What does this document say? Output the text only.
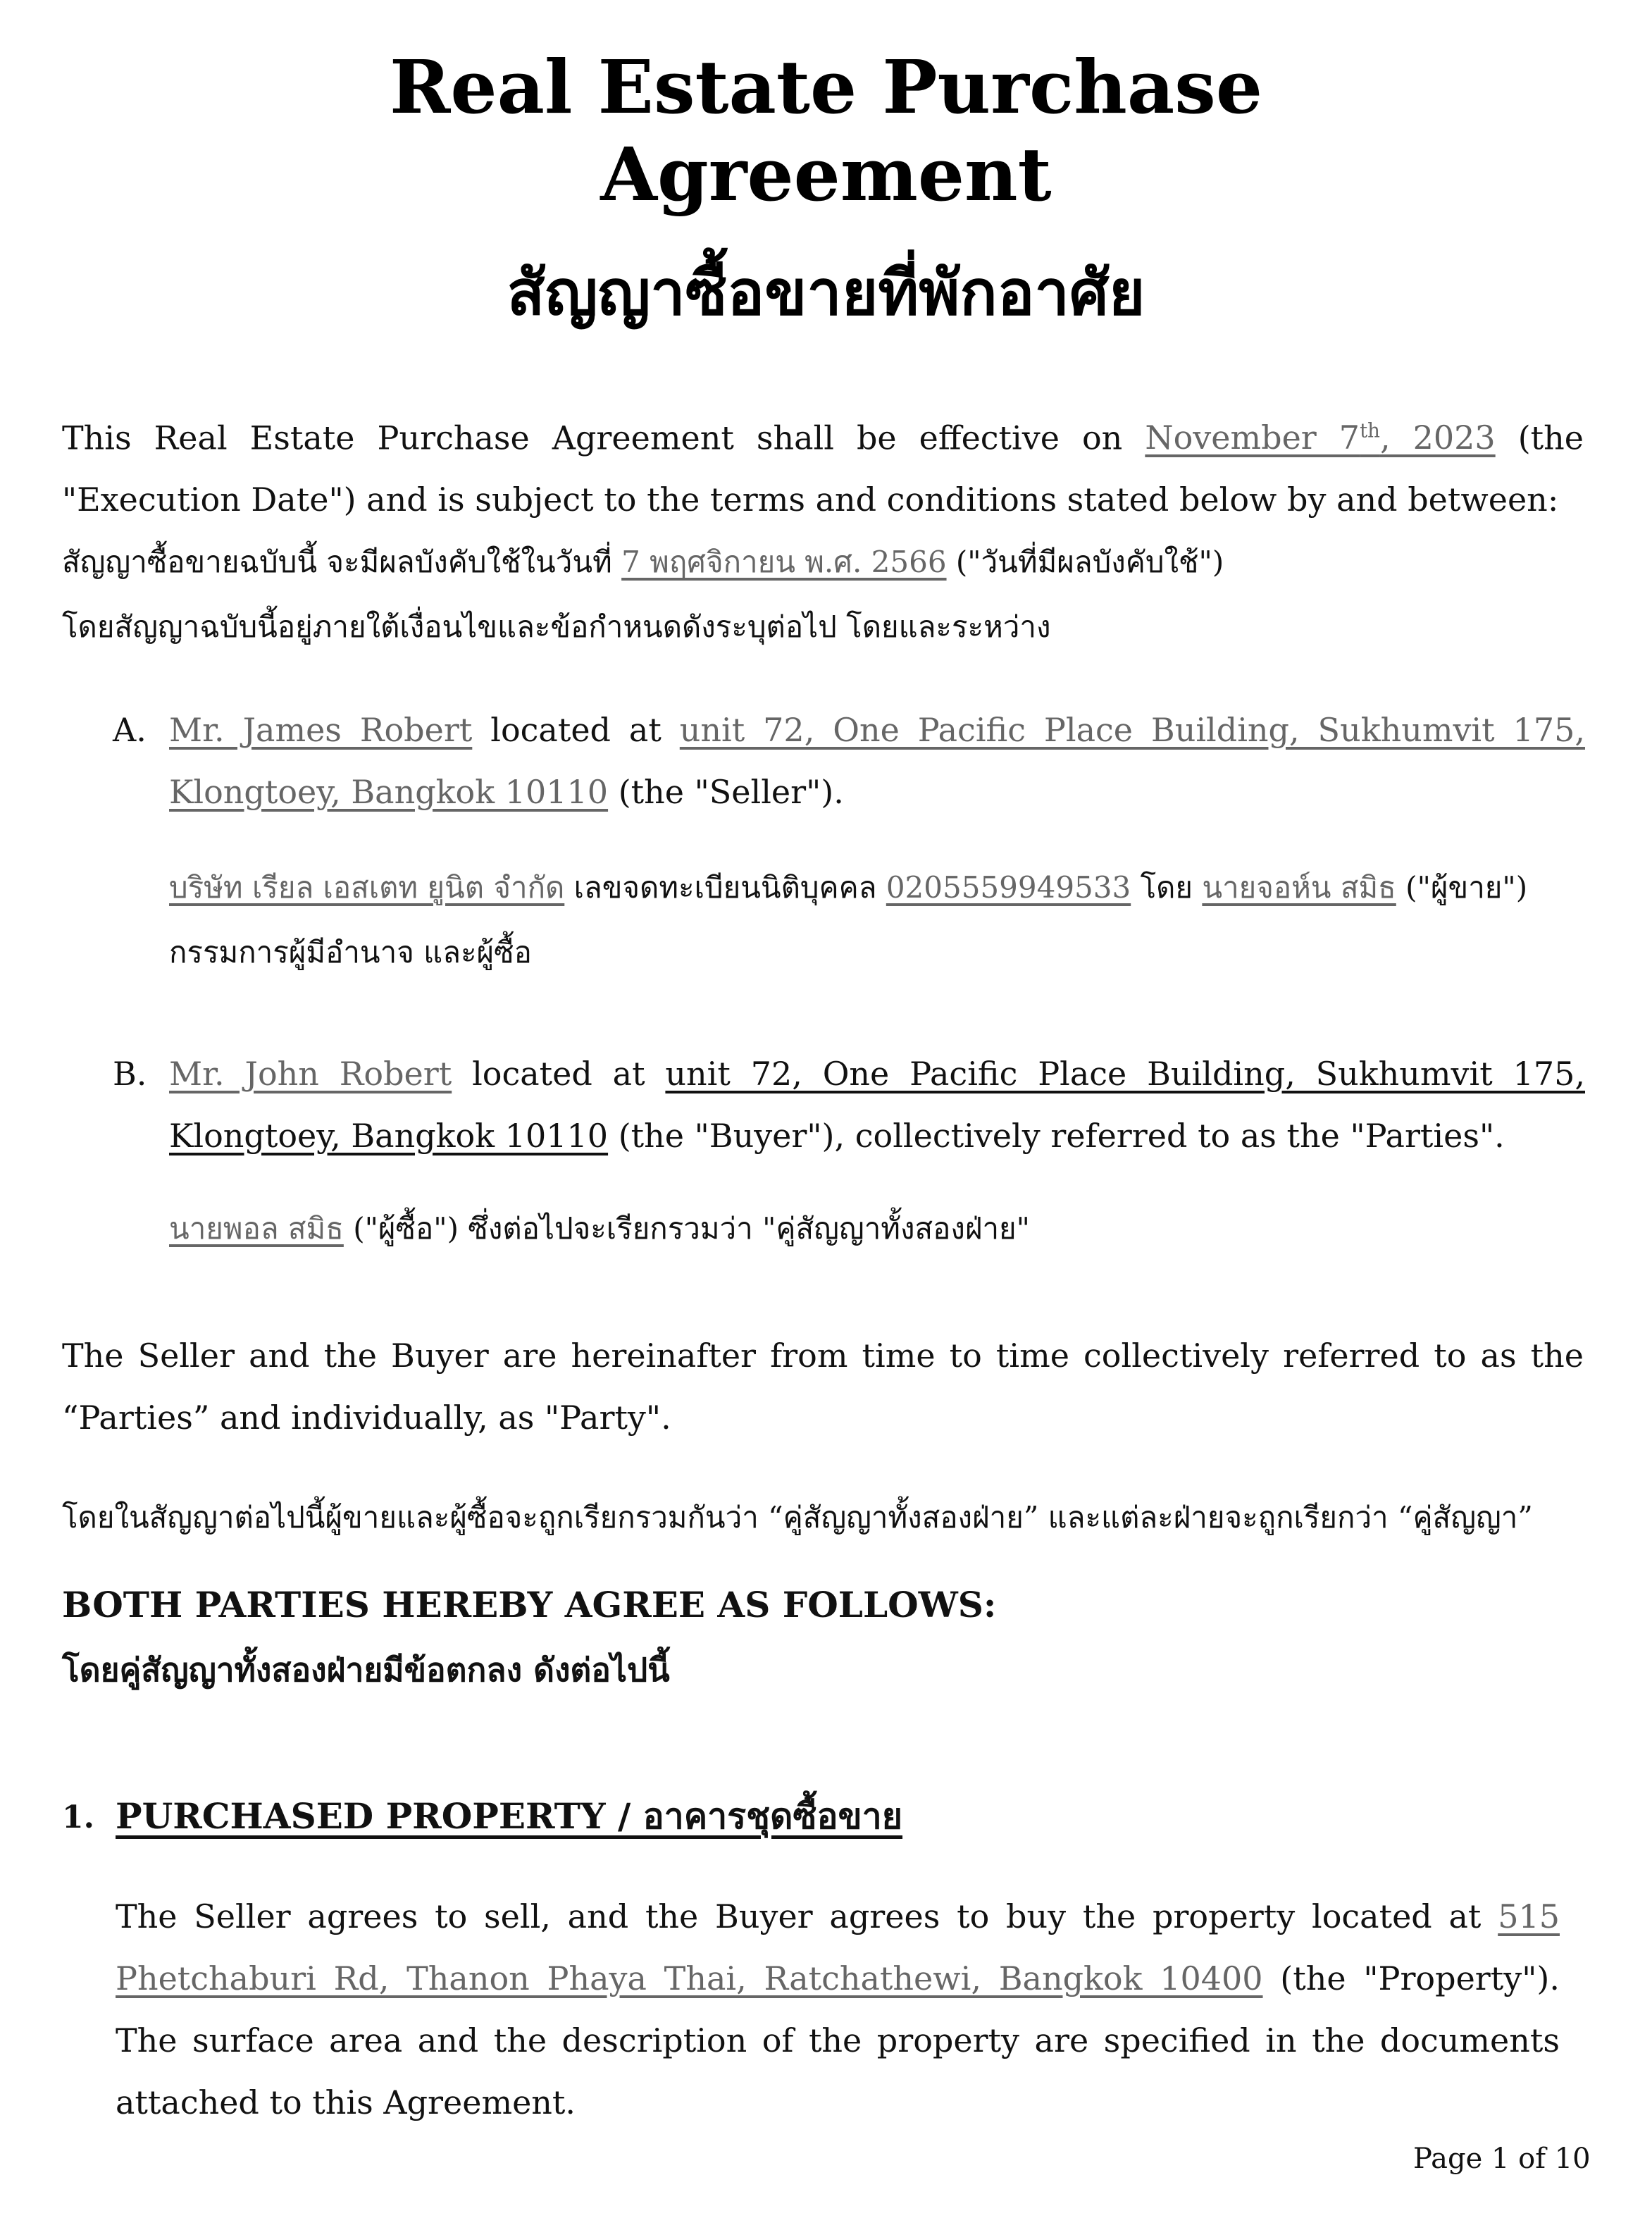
Real Estate Purchase
Agreement
สัญญาซื้อขายที่พักอาศัย
This Real Estate Purchase Agreement shall be effective on November 7th, 2023 (the "Execution Date") and is subject to the terms and conditions stated below by and between:
สัญญาซื้อขายฉบับนี้ จะมีผลบังคับใช้ในวันที่ 7 พฤศจิกายน พ.ศ. 2566 ("วันที่มีผลบังคับใช้")
โดยสัญญาฉบับนี้อยู่ภายใต้เงื่อนไขและข้อกำหนดดังระบุต่อไป โดยและระหว่าง
A. Mr. James Robert located at unit 72, One Pacific Place Building, Sukhumvit 175, Klongtoey, Bangkok 10110 (the "Seller").
บริษัท เรียล เอสเตท ยูนิต จำกัด เลขจดทะเบียนนิติบุคคล 0205559949533 โดย นายจอห์น สมิธ ("ผู้ขาย")
กรรมการผู้มีอำนาจ และผู้ซื้อ
B. Mr. John Robert located at unit 72, One Pacific Place Building, Sukhumvit 175, Klongtoey, Bangkok 10110 (the "Buyer"), collectively referred to as the "Parties".
นายพอล สมิธ ("ผู้ซื้อ") ซึ่งต่อไปจะเรียกรวมว่า "คู่สัญญาทั้งสองฝ่าย"
The Seller and the Buyer are hereinafter from time to time collectively referred to as the “Parties” and individually, as "Party".
โดยในสัญญาต่อไปนี้ผู้ขายและผู้ซื้อจะถูกเรียกรวมกันว่า “คู่สัญญาทั้งสองฝ่าย” และแต่ละฝ่ายจะถูกเรียกว่า “คู่สัญญา”
BOTH PARTIES HEREBY AGREE AS FOLLOWS:
โดยคู่สัญญาทั้งสองฝ่ายมีข้อตกลง ดังต่อไปนี้
1. PURCHASED PROPERTY / อาคารชุดซื้อขาย
The Seller agrees to sell, and the Buyer agrees to buy the property located at 515 Phetchaburi Rd, Thanon Phaya Thai, Ratchathewi, Bangkok 10400 (the "Property"). The surface area and the description of the property are specified in the documents attached to this Agreement.
Page 1 of 10
